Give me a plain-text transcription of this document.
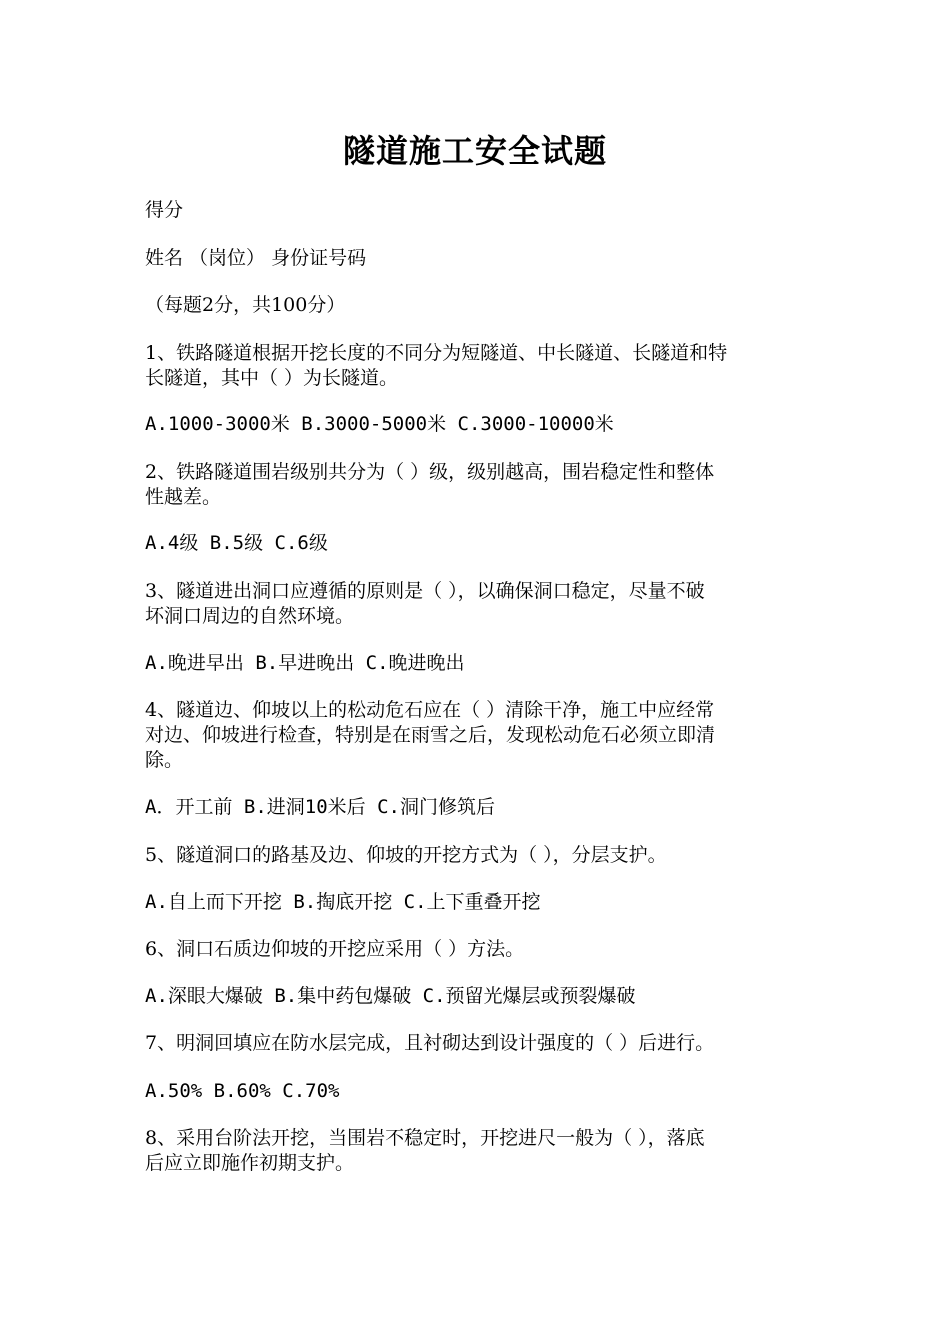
隧道施工安全试题
得分
姓名 （岗位） 身份证号码
（每题2分，共100分）
1、铁路隧道根据开挖长度的不同分为短隧道、中长隧道、长隧道和特
长隧道，其中（ ）为长隧道。
A.1000-3000米 B.3000-5000米 C.3000-10000米
2、铁路隧道围岩级别共分为（ ）级，级别越高，围岩稳定性和整体
性越差。
A.4级 B.5级 C.6级
3、隧道进出洞口应遵循的原则是（ ），以确保洞口稳定，尽量不破
坏洞口周边的自然环境。
A.晚进早出 B.早进晚出 C.晚进晚出
4、隧道边、仰坡以上的松动危石应在（ ）清除干净，施工中应经常
对边、仰坡进行检查，特别是在雨雪之后，发现松动危石必须立即清
除。
A．开工前 B.进洞10米后 C.洞门修筑后
5、隧道洞口的路基及边、仰坡的开挖方式为（ ），分层支护。
A.自上而下开挖 B.掏底开挖 C.上下重叠开挖
6、洞口石质边仰坡的开挖应采用（ ）方法。
A.深眼大爆破 B.集中药包爆破 C.预留光爆层或预裂爆破
7、明洞回填应在防水层完成，且衬砌达到设计强度的（ ）后进行。
A.50% B.60% C.70%
8、采用台阶法开挖，当围岩不稳定时，开挖进尺一般为（ ），落底
后应立即施作初期支护。
